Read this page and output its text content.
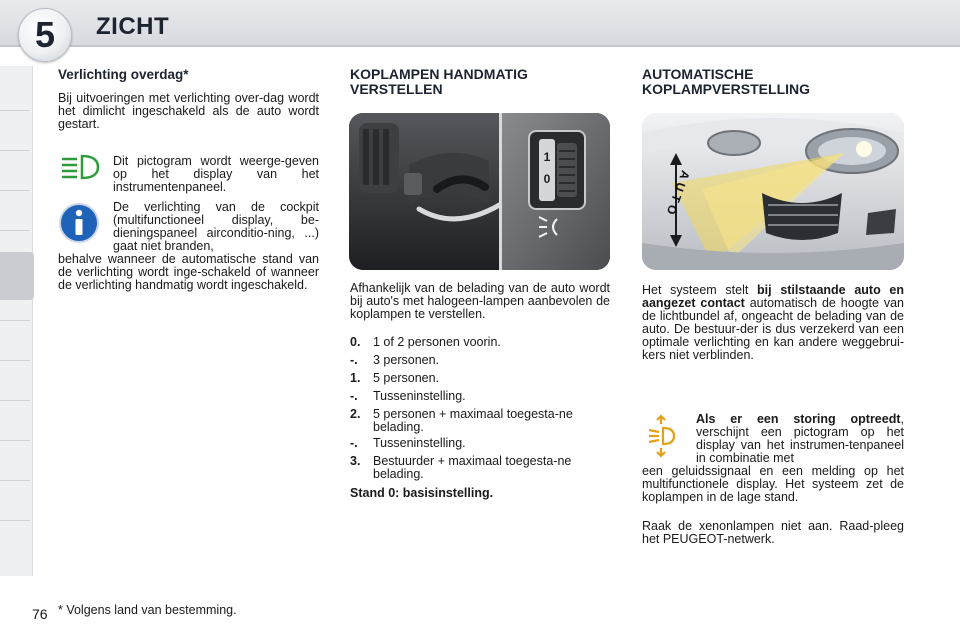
5	ZICHT
Verlichting overdag*
Bij uitvoeringen met verlichting over-dag wordt het dimlicht ingeschakeld als de auto wordt gestart.
Dit pictogram wordt weerge-geven op het display van het instrumentenpaneel.
De verlichting van de cockpit (multifunctioneel display, be-dieningspaneel airconditio-ning, ...) gaat niet branden,
behalve wanneer de automatische stand van de verlichting wordt inge-schakeld of wanneer de verlichting handmatig wordt ingeschakeld.
KOPLAMPEN HANDMATIG
VERSTELLEN
1
0
Afhankelijk van de belading van de auto wordt bij auto's met halogeen-lampen aanbevolen de koplampen te verstellen.
0. 1 of 2 personen voorin.
-. 3 personen.
1. 5 personen.
-. Tusseninstelling.
2. 5 personen + maximaal toegesta-ne belading.
-. Tusseninstelling.
3. Bestuurder + maximaal toegesta-ne belading.
Stand 0: basisinstelling.
AUTOMATISCHE
KOPLAMPVERSTELLING
AUTO
Het systeem stelt bij stilstaande auto en aangezet contact automatisch de hoogte van de lichtbundel af, ongeacht de belading van de auto. De bestuur-der is dus verzekerd van een optimale verlichting en kan andere weggebrui-kers niet verblinden.
Als er een storing optreedt, verschijnt een pictogram op het display van het instrumen-tenpaneel in combinatie met
een geluidssignaal en een melding op het multifunctionele display. Het systeem zet de koplampen in de lage stand.
Raak de xenonlampen niet aan. Raad-pleeg het PEUGEOT-netwerk.
76 * Volgens land van bestemming.
